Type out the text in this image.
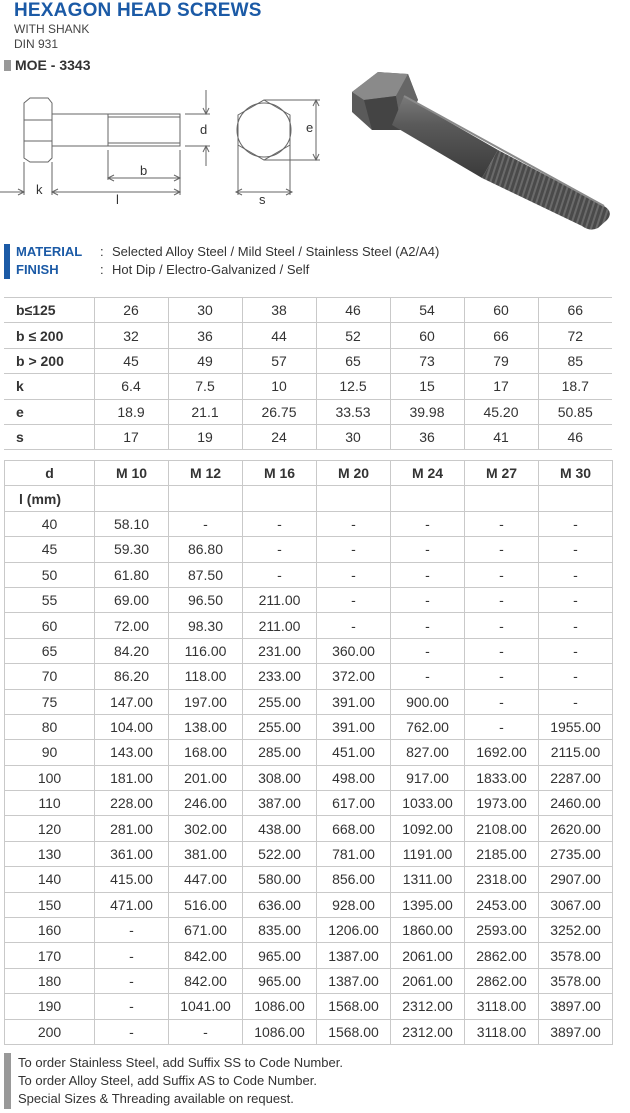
HEXAGON HEAD SCREWS
WITH SHANK
DIN 931
MOE - 3343
d
b
k
l
e
s
MATERIAL	: Selected Alloy Steel / Mild Steel / Stainless Steel (A2/A4)
FINISH	: Hot Dip / Electro-Galvanized / Self
b≤125	26	30	38	46	54	60	66
b ≤ 200	32	36	44	52	60	66	72
b > 200	45	49	57	65	73	79	85
k	6.4	7.5	10	12.5	15	17	18.7
e	18.9	21.1	26.75	33.53	39.98	45.20	50.85
s	17	19	24	30	36	41	46
d	M 10	M 12	M 16	M 20	M 24	M 27	M 30
l (mm)							
40	58.10	-	-	-	-	-	-
45	59.30	86.80	-	-	-	-	-
50	61.80	87.50	-	-	-	-	-
55	69.00	96.50	211.00	-	-	-	-
60	72.00	98.30	211.00	-	-	-	-
65	84.20	116.00	231.00	360.00	-	-	-
70	86.20	118.00	233.00	372.00	-	-	-
75	147.00	197.00	255.00	391.00	900.00	-	-
80	104.00	138.00	255.00	391.00	762.00	-	1955.00
90	143.00	168.00	285.00	451.00	827.00	1692.00	2115.00
100	181.00	201.00	308.00	498.00	917.00	1833.00	2287.00
110	228.00	246.00	387.00	617.00	1033.00	1973.00	2460.00
120	281.00	302.00	438.00	668.00	1092.00	2108.00	2620.00
130	361.00	381.00	522.00	781.00	1191.00	2185.00	2735.00
140	415.00	447.00	580.00	856.00	1311.00	2318.00	2907.00
150	471.00	516.00	636.00	928.00	1395.00	2453.00	3067.00
160	-	671.00	835.00	1206.00	1860.00	2593.00	3252.00
170	-	842.00	965.00	1387.00	2061.00	2862.00	3578.00
180	-	842.00	965.00	1387.00	2061.00	2862.00	3578.00
190	-	1041.00	1086.00	1568.00	2312.00	3118.00	3897.00
200	-	-	1086.00	1568.00	2312.00	3118.00	3897.00
To order Stainless Steel, add Suffix SS to Code Number.
To order Alloy Steel, add Suffix AS to Code Number.
Special Sizes & Threading available on request.
